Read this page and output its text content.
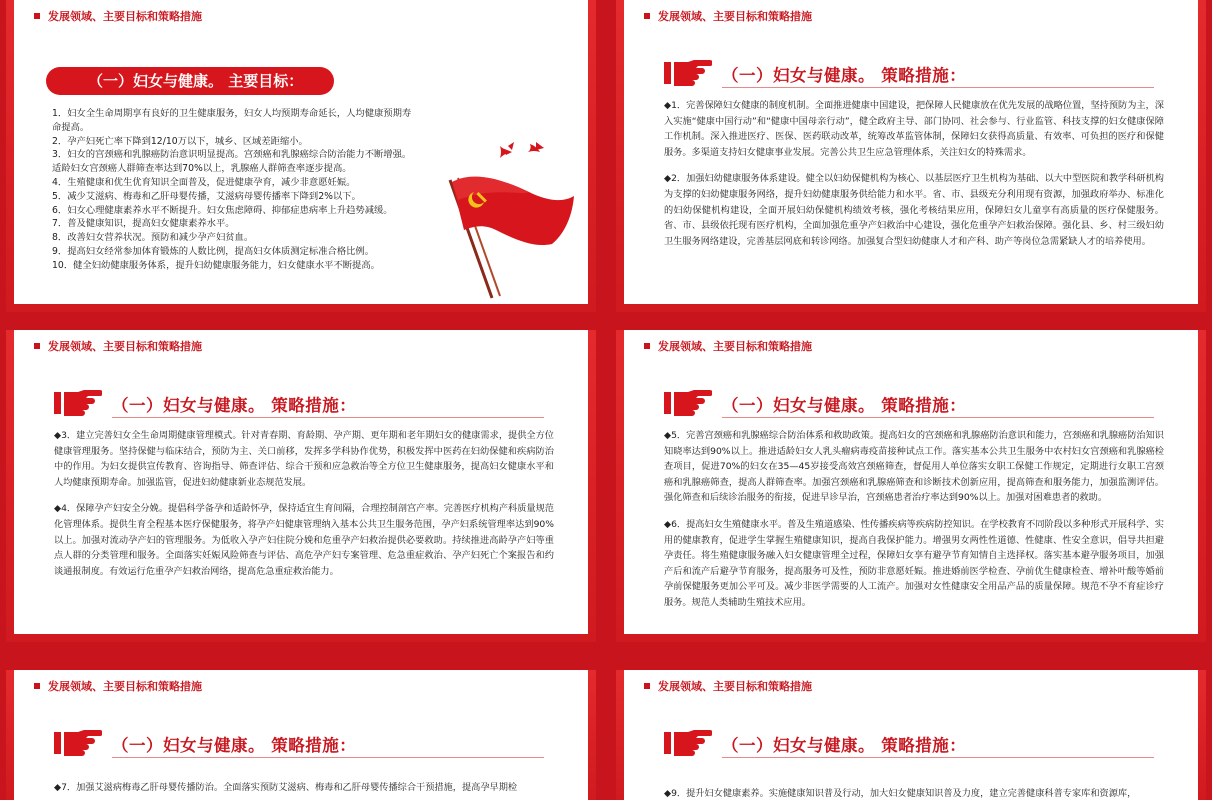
发展领域、主要目标和策略措施
（一）妇女与健康。 主要目标：
1．妇女全生命周期享有良好的卫生健康服务，妇女人均预期寿命延长，人均健康预期寿命提高。
2．孕产妇死亡率下降到12/10万以下，城乡、区域差距缩小。
3．妇女的宫颈癌和乳腺癌防治意识明显提高。宫颈癌和乳腺癌综合防治能力不断增强。适龄妇女宫颈癌人群筛查率达到70%以上，乳腺癌人群筛查率逐步提高。
4．生殖健康和优生优育知识全面普及，促进健康孕育，减少非意愿妊娠。
5．减少艾滋病、梅毒和乙肝母婴传播，艾滋病母婴传播率下降到2%以下。
6．妇女心理健康素养水平不断提升。妇女焦虑障碍、抑郁症患病率上升趋势减缓。
7．普及健康知识，提高妇女健康素养水平。
8．改善妇女营养状况。预防和减少孕产妇贫血。
9．提高妇女经常参加体育锻炼的人数比例，提高妇女体质测定标准合格比例。
10．健全妇幼健康服务体系，提升妇幼健康服务能力，妇女健康水平不断提高。
发展领域、主要目标和策略措施
（一）妇女与健康。 策略措施：

◆1．完善保障妇女健康的制度机制。全面推进健康中国建设，把保障人民健康放在优先发展的战略位置，坚持预防为主，深入实施“健康中国行动”和“健康中国母亲行动”，健全政府主导、部门协同、社会参与、行业监管、科技支撑的妇女健康保障工作机制。深入推进医疗、医保、医药联动改革，统筹改革监管体制，保障妇女获得高质量、有效率、可负担的医疗和保健服务。多渠道支持妇女健康事业发展。完善公共卫生应急管理体系，关注妇女的特殊需求。

◆2．加强妇幼健康服务体系建设。健全以妇幼保健机构为核心、以基层医疗卫生机构为基础、以大中型医院和教学科研机构为支撑的妇幼健康服务网络，提升妇幼健康服务供给能力和水平。省、市、县级充分利用现有资源，加强政府举办、标准化的妇幼保健机构建设，全面开展妇幼保健机构绩效考核，强化考核结果应用，保障妇女儿童享有高质量的医疗保健服务。省、市、县级依托现有医疗机构，全面加强危重孕产妇救治中心建设，强化危重孕产妇救治保障。强化县、乡、村三级妇幼卫生服务网络建设，完善基层网底和转诊网络。加强复合型妇幼健康人才和产科、助产等岗位急需紧缺人才的培养使用。

发展领域、主要目标和策略措施
（一）妇女与健康。 策略措施：

◆3．建立完善妇女全生命周期健康管理模式。针对青春期、育龄期、孕产期、更年期和老年期妇女的健康需求，提供全方位健康管理服务。坚持保健与临床结合，预防为主、关口前移，发挥多学科协作优势，积极发挥中医药在妇幼保健和疾病防治中的作用。为妇女提供宣传教育、咨询指导、筛查评估、综合干预和应急救治等全方位卫生健康服务，提高妇女健康水平和人均健康预期寿命。加强监管，促进妇幼健康新业态规范发展。

◆4．保障孕产妇安全分娩。提倡科学备孕和适龄怀孕，保持适宜生育间隔，合理控制剖宫产率。完善医疗机构产科质量规范化管理体系。提供生育全程基本医疗保健服务，将孕产妇健康管理纳入基本公共卫生服务范围，孕产妇系统管理率达到90%以上。加强对流动孕产妇的管理服务。为低收入孕产妇住院分娩和危重孕产妇救治提供必要救助。持续推进高龄孕产妇等重点人群的分类管理和服务。全面落实妊娠风险筛查与评估、高危孕产妇专案管理、危急重症救治、孕产妇死亡个案报告和约谈通报制度。有效运行危重孕产妇救治网络，提高危急重症救治能力。

发展领域、主要目标和策略措施
（一）妇女与健康。 策略措施：

◆5．完善宫颈癌和乳腺癌综合防治体系和救助政策。提高妇女的宫颈癌和乳腺癌防治意识和能力，宫颈癌和乳腺癌防治知识知晓率达到90%以上。推进适龄妇女人乳头瘤病毒疫苗接种试点工作。落实基本公共卫生服务中农村妇女宫颈癌和乳腺癌检查项目，促进70%的妇女在35—45岁接受高效宫颈癌筛查，督促用人单位落实女职工保健工作规定，定期进行女职工宫颈癌和乳腺癌筛查，提高人群筛查率。加强宫颈癌和乳腺癌筛查和诊断技术创新应用，提高筛查和服务能力，加强监测评估。强化筛查和后续诊治服务的衔接，促进早诊早治，宫颈癌患者治疗率达到90%以上。加强对困难患者的救助。

◆6．提高妇女生殖健康水平。普及生殖道感染、性传播疾病等疾病防控知识。在学校教育不同阶段以多种形式开展科学、实用的健康教育，促进学生掌握生殖健康知识，提高自我保护能力。增强男女两性性道德、性健康、性安全意识，倡导共担避孕责任。将生殖健康服务融入妇女健康管理全过程，保障妇女享有避孕节育知情自主选择权。落实基本避孕服务项目，加强产后和流产后避孕节育服务，提高服务可及性，预防非意愿妊娠。推进婚前医学检查、孕前优生健康检查、增补叶酸等婚前孕前保健服务更加公平可及。减少非医学需要的人工流产。加强对女性健康安全用品产品的质量保障。规范不孕不育症诊疗服务。规范人类辅助生殖技术应用。

发展领域、主要目标和策略措施
（一）妇女与健康。 策略措施：

◆7．加强艾滋病梅毒乙肝母婴传播防治。全面落实预防艾滋病、梅毒和乙肝母婴传播综合干预措施，提高孕早期检

发展领域、主要目标和策略措施
（一）妇女与健康。 策略措施：

◆9．提升妇女健康素养。实施健康知识普及行动，加大妇女健康知识普及力度，建立完善健康科普专家库和资源库，
